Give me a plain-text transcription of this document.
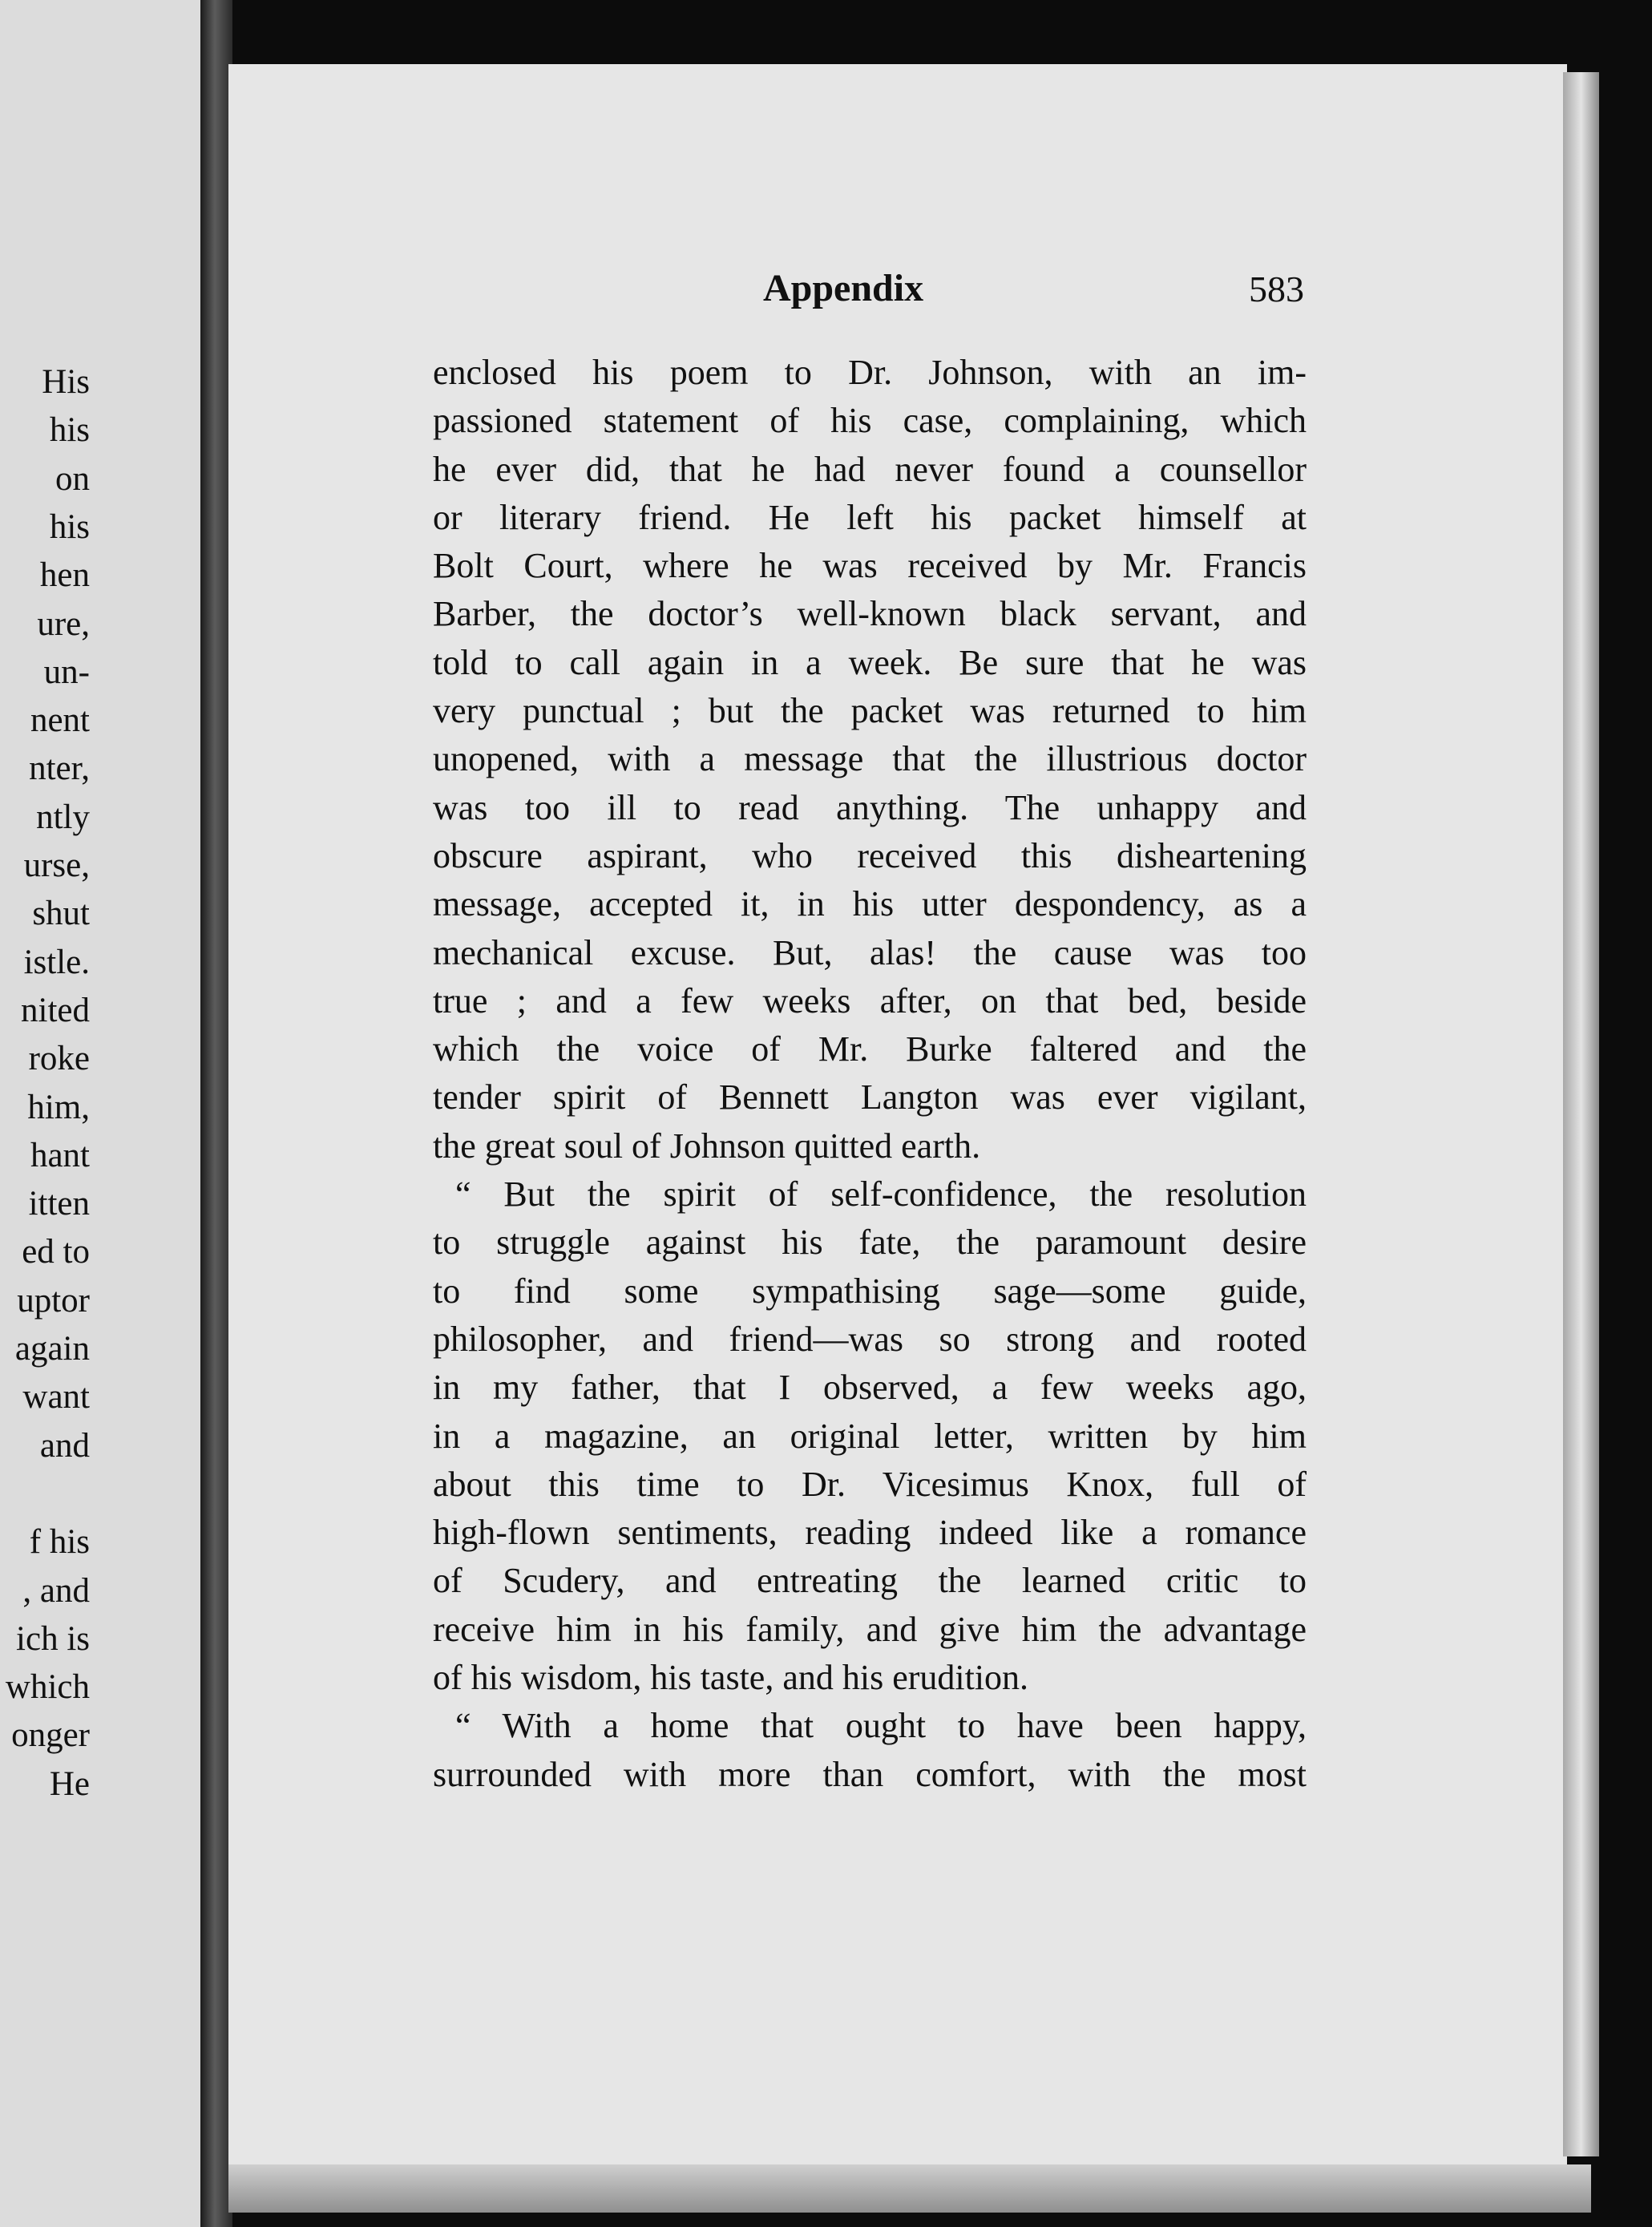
His
his
on
his
hen
ure,
un-
nent
nter,
ntly
urse,
shut
istle.
nited
roke
him,
hant
itten
ed to
uptor
again
want
and
f his
, and
ich is
which
onger
He
Appendix	583
enclosed his poem to Dr. Johnson, with an im-
passioned statement of his case, complaining, which
he ever did, that he had never found a counsellor
or literary friend. He left his packet himself at
Bolt Court, where he was received by Mr. Francis
Barber, the doctor’s well-known black servant, and
told to call again in a week. Be sure that he was
very punctual ; but the packet was returned to him
unopened, with a message that the illustrious doctor
was too ill to read anything. The unhappy and
obscure aspirant, who received this disheartening
message, accepted it, in his utter despondency, as a
mechanical excuse. But, alas! the cause was too
true ; and a few weeks after, on that bed, beside
which the voice of Mr. Burke faltered and the
tender spirit of Bennett Langton was ever vigilant,
the great soul of Johnson quitted earth.
“ But the spirit of self-confidence, the resolution
to struggle against his fate, the paramount desire
to find some sympathising sage—some guide,
philosopher, and friend—was so strong and rooted
in my father, that I observed, a few weeks ago,
in a magazine, an original letter, written by him
about this time to Dr. Vicesimus Knox, full of
high-flown sentiments, reading indeed like a romance
of Scudery, and entreating the learned critic to
receive him in his family, and give him the advantage
of his wisdom, his taste, and his erudition.
“ With a home that ought to have been happy,
surrounded with more than comfort, with the most
